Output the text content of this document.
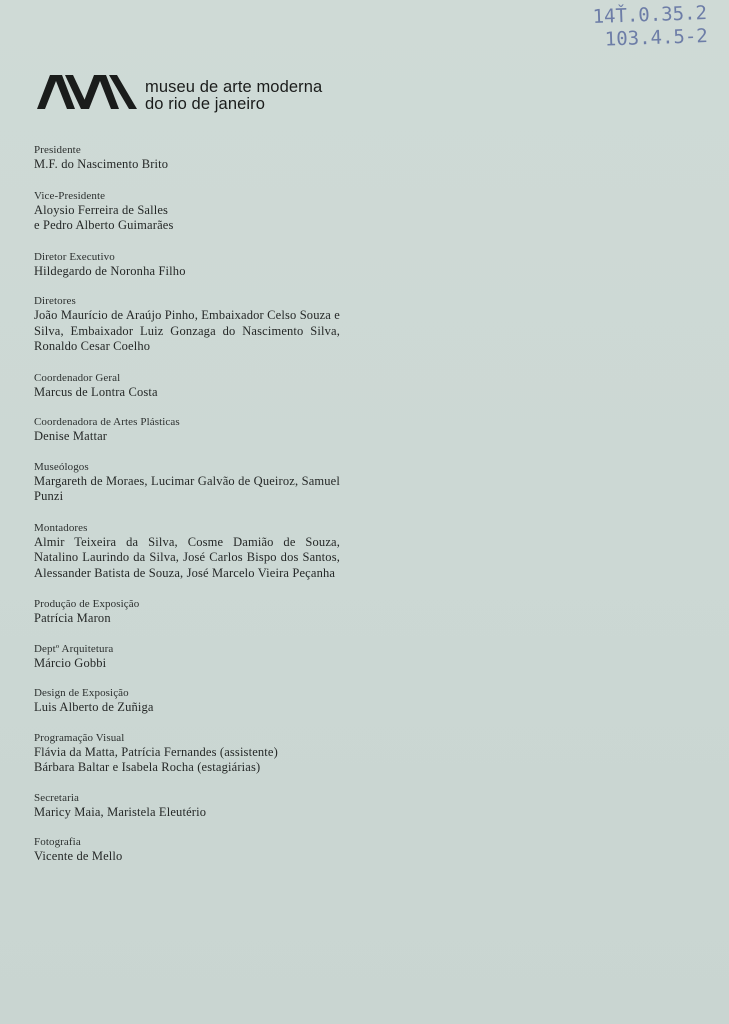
14Ť.0.35.2
103.4.5-2
museu de arte moderna
do rio de janeiro
Presidente
M.F. do Nascimento Brito
Vice-Presidente
Aloysio Ferreira de Salles e Pedro Alberto Guimarães
Diretor Executivo
Hildegardo de Noronha Filho
Diretores
João Maurício de Araújo Pinho, Embaixador Celso Souza e Silva, Embaixador Luiz Gonzaga do Nascimento Silva, Ronaldo Cesar Coelho
Coordenador Geral
Marcus de Lontra Costa
Coordenadora de Artes Plásticas
Denise Mattar
Museólogos
Margareth de Moraes, Lucimar Galvão de Queiroz, Samuel Punzi
Montadores
Almir Teixeira da Silva, Cosme Damião de Souza, Natalino Laurindo da Silva, José Carlos Bispo dos Santos, Alessander Batista de Souza, José Marcelo Vieira Peçanha
Produção de Exposição
Patrícia Maron
Deptº Arquitetura
Márcio Gobbi
Design de Exposição
Luis Alberto de Zuñiga
Programação Visual
Flávia da Matta, Patrícia Fernandes (assistente)
Bárbara Baltar e Isabela Rocha (estagiárias)
Secretaria
Maricy Maia, Maristela Eleutério
Fotografia
Vicente de Mello
